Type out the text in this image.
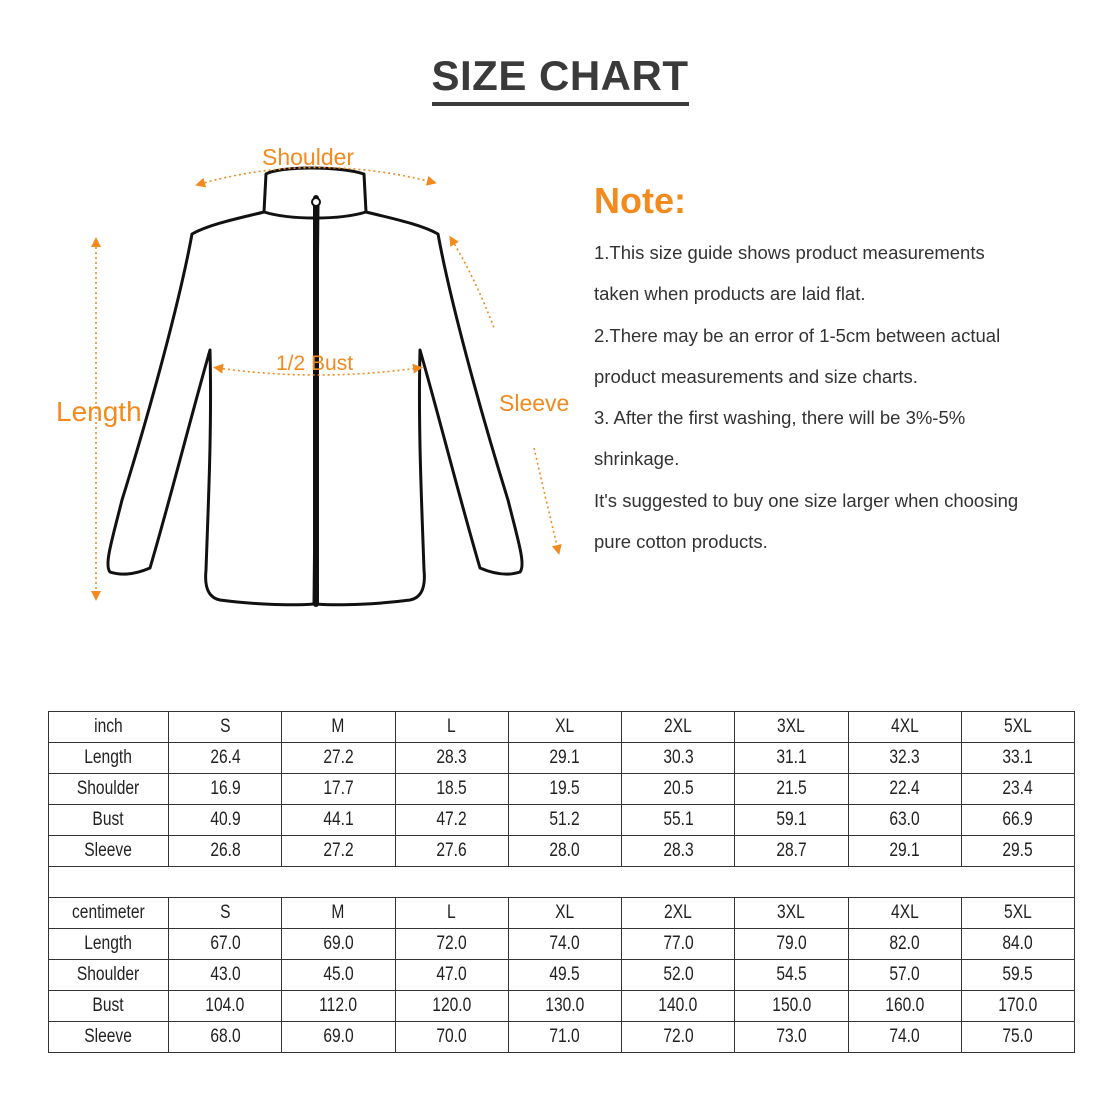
SIZE CHART
Shoulder
1/2 Bust
Length	Sleeve
Note:
1.This size guide shows product measurements
taken when products are laid flat.
2.There may be an error of 1-5cm between actual
product measurements and size charts.
3. After the first washing, there will be 3%-5%
shrinkage.
It's suggested to buy one size larger when choosing
pure cotton products.
inch	S	M	L	XL	2XL	3XL	4XL	5XL
Length	26.4	27.2	28.3	29.1	30.3	31.1	32.3	33.1
Shoulder	16.9	17.7	18.5	19.5	20.5	21.5	22.4	23.4
Bust	40.9	44.1	47.2	51.2	55.1	59.1	63.0	66.9
Sleeve	26.8	27.2	27.6	28.0	28.3	28.7	29.1	29.5

centimeter	S	M	L	XL	2XL	3XL	4XL	5XL
Length	67.0	69.0	72.0	74.0	77.0	79.0	82.0	84.0
Shoulder	43.0	45.0	47.0	49.5	52.0	54.5	57.0	59.5
Bust	104.0	112.0	120.0	130.0	140.0	150.0	160.0	170.0
Sleeve	68.0	69.0	70.0	71.0	72.0	73.0	74.0	75.0
